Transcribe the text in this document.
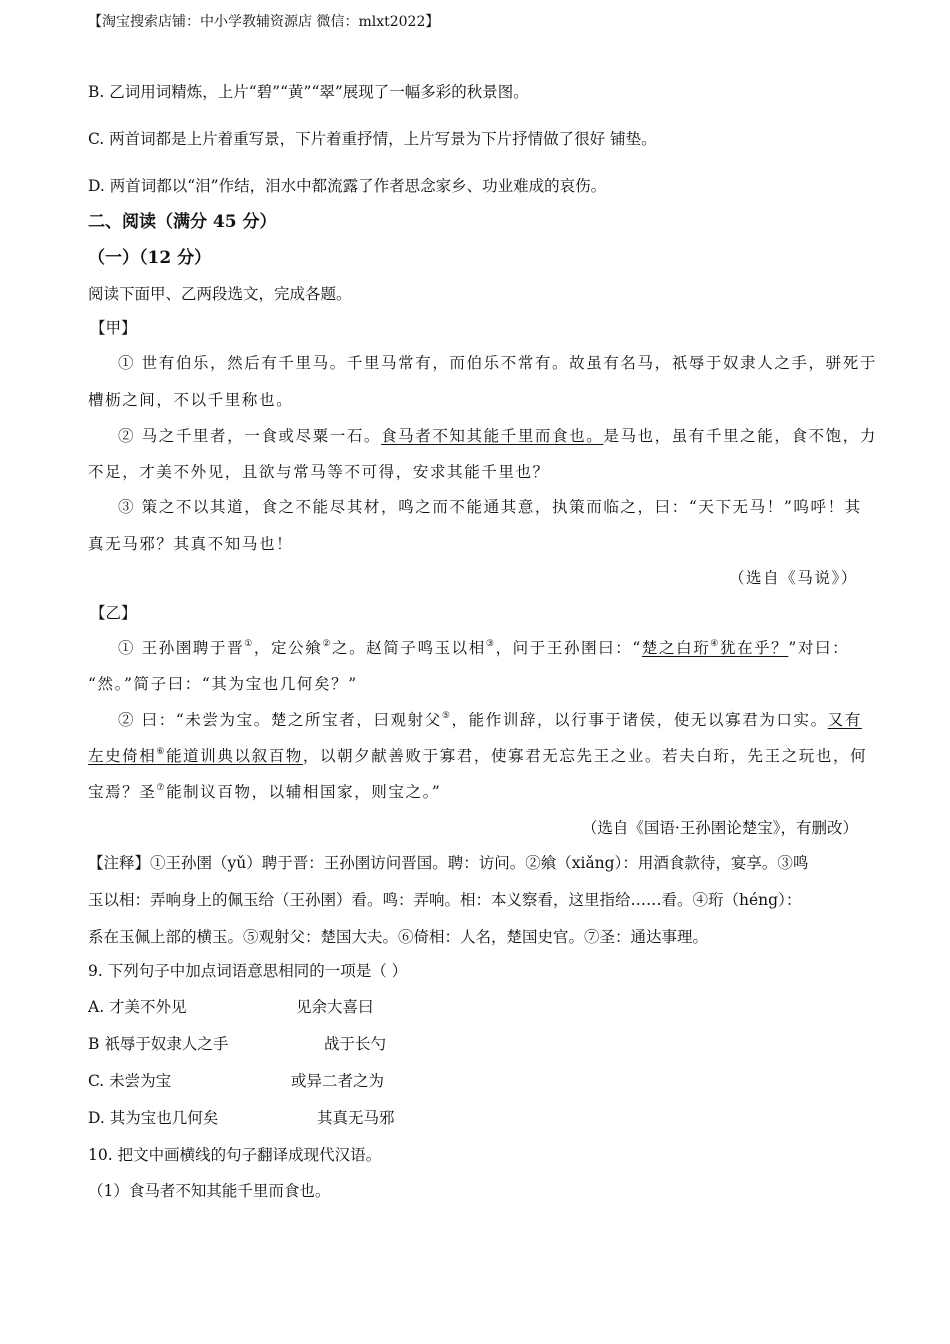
【淘宝搜索店铺：中小学教辅资源店 微信：mlxt2022】
B. 乙词用词精炼，上片“碧”“黄”“翠”展现了一幅多彩的秋景图。
C. 两首词都是上片着重写景，下片着重抒情，上片写景为下片抒情做了很好 铺垫。
D. 两首词都以“泪”作结，泪水中都流露了作者思念家乡、功业难成的哀伤。
二、阅读（满分 45 分）
（一）（12 分）
阅读下面甲、乙两段选文，完成各题。
【甲】
① 世有伯乐，然后有千里马。千里马常有，而伯乐不常有。故虽有名马，祇辱于奴隶人之手，骈死于
槽枥之间，不以千里称也。
② 马之千里者，一食或尽粟一石。食马者不知其能千里而食也。是马也，虽有千里之能，食不饱，力
不足，才美不外见，且欲与常马等不可得，安求其能千里也？
③ 策之不以其道，食之不能尽其材，鸣之而不能通其意，执策而临之，曰：“天下无马！”呜呼！其
真无马邪？其真不知马也！
（选自《马说》）
【乙】
① 王孙圉聘于晋①，定公飨②之。赵简子鸣玉以相③，问于王孙圉曰：“楚之白珩④犹在乎？”对曰：
“然。”简子曰：“其为宝也几何矣？”
② 曰：“未尝为宝。楚之所宝者，曰观射父⑤，能作训辞，以行事于诸侯，使无以寡君为口实。又有
左史倚相⑥能道训典以叙百物，以朝夕献善败于寡君，使寡君无忘先王之业。若夫白珩，先王之玩也，何
宝焉？圣⑦能制议百物，以辅相国家，则宝之。”
（选自《国语·王孙圉论楚宝》，有删改）
【注释】①王孙圉（yǔ）聘于晋：王孙圉访问晋国。聘：访问。②飨（xiǎng）：用酒食款待，宴享。③鸣
玉以相：弄响身上的佩玉给（王孙圉）看。鸣：弄响。相：本义察看，这里指给……看。④珩（héng）：
系在玉佩上部的横玉。⑤观射父：楚国大夫。⑥倚相：人名，楚国史官。⑦圣：通达事理。
9. 下列句子中加点词语意思相同的一项是（ ）
A. 才美不外见	见余大喜曰
B 祇辱于奴隶人之手	战于长勺
C. 未尝为宝	或异二者之为
D. 其为宝也几何矣	其真无马邪
10. 把文中画横线的句子翻译成现代汉语。
（1）食马者不知其能千里而食也。
